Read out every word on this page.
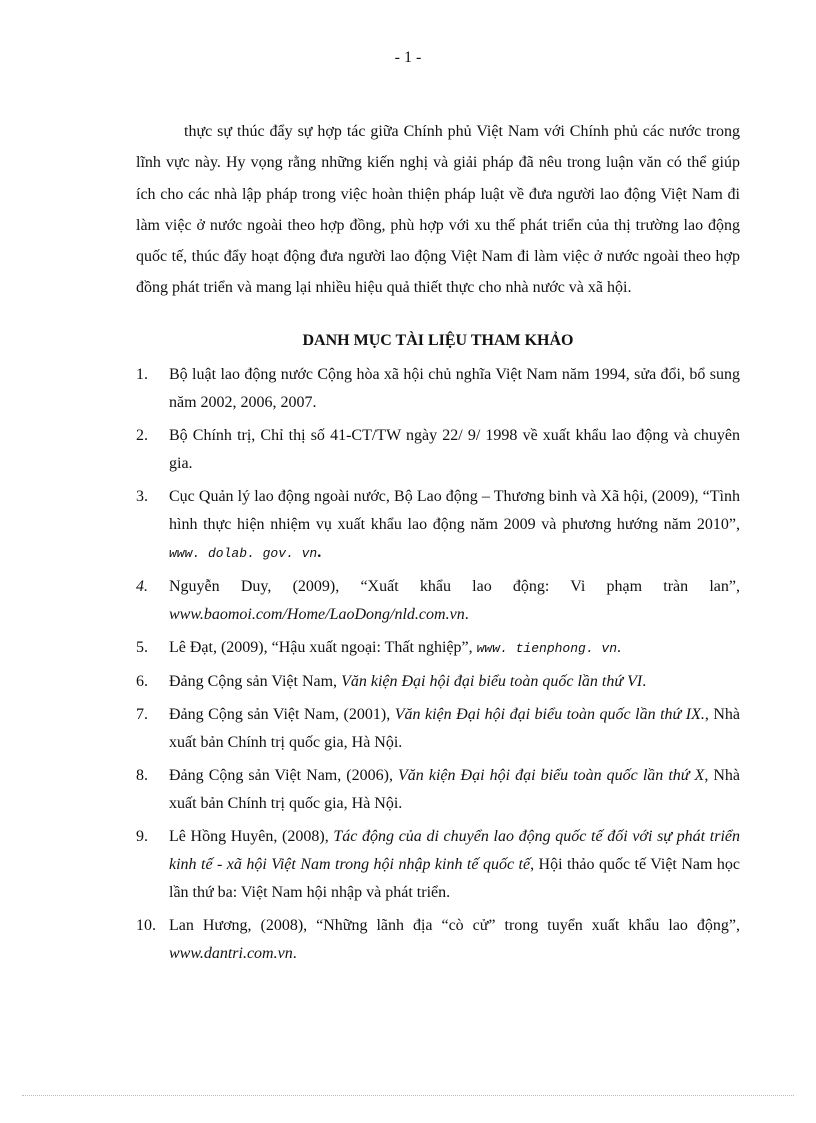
- 1 -

thực sự thúc đẩy sự hợp tác giữa Chính phủ Việt Nam với Chính phủ các nước trong lĩnh vực này. Hy vọng rằng những kiến nghị và giải pháp đã nêu trong luận văn có thể giúp ích cho các nhà lập pháp trong việc hoàn thiện pháp luật về đưa người lao động Việt Nam đi làm việc ở nước ngoài theo hợp đồng, phù hợp với xu thế phát triển của thị trường lao động quốc tế, thúc đẩy hoạt động đưa người lao động Việt Nam đi làm việc ở nước ngoài theo hợp đồng phát triển và mang lại nhiều hiệu quả thiết thực cho nhà nước và xã hội.

DANH MỤC TÀI LIỆU THAM KHẢO
1.	Bộ luật lao động nước Cộng hòa xã hội chủ nghĩa Việt Nam năm 1994, sửa đổi, bổ sung năm 2002, 2006, 2007.
2.	Bộ Chính trị, Chỉ thị số 41-CT/TW ngày 22/ 9/ 1998 về xuất khẩu lao động và chuyên gia.
3.	Cục Quản lý lao động ngoài nước, Bộ Lao động – Thương binh và Xã hội, (2009), “Tình hình thực hiện nhiệm vụ xuất khẩu lao động năm 2009 và phương hướng năm 2010”, www. dolab. gov. vn.
4.	Nguyễn Duy, (2009), “Xuất khẩu lao động: Vi phạm tràn lan”, www.baomoi.com/Home/LaoDong/nld.com.vn.
5.	Lê Đạt, (2009), “Hậu xuất ngoại: Thất nghiệp”, www. tienphong. vn.
6.	Đảng Cộng sản Việt Nam, Văn kiện Đại hội đại biểu toàn quốc lần thứ VI.
7.	Đảng Cộng sản Việt Nam, (2001), Văn kiện Đại hội đại biểu toàn quốc lần thứ IX., Nhà xuất bản Chính trị quốc gia, Hà Nội.
8.	Đảng Cộng sản Việt Nam, (2006), Văn kiện Đại hội đại biểu toàn quốc lần thứ X, Nhà xuất bản Chính trị quốc gia, Hà Nội.
9.	Lê Hồng Huyên, (2008), Tác động của di chuyển lao động quốc tế đối với sự phát triển kinh tế - xã hội Việt Nam trong hội nhập kinh tế quốc tế, Hội thảo quốc tế Việt Nam học lần thứ ba: Việt Nam hội nhập và phát triển.
10. Lan Hương, (2008), “Những lãnh địa “cò cử” trong tuyển xuất khẩu lao động”, www.dantri.com.vn.
